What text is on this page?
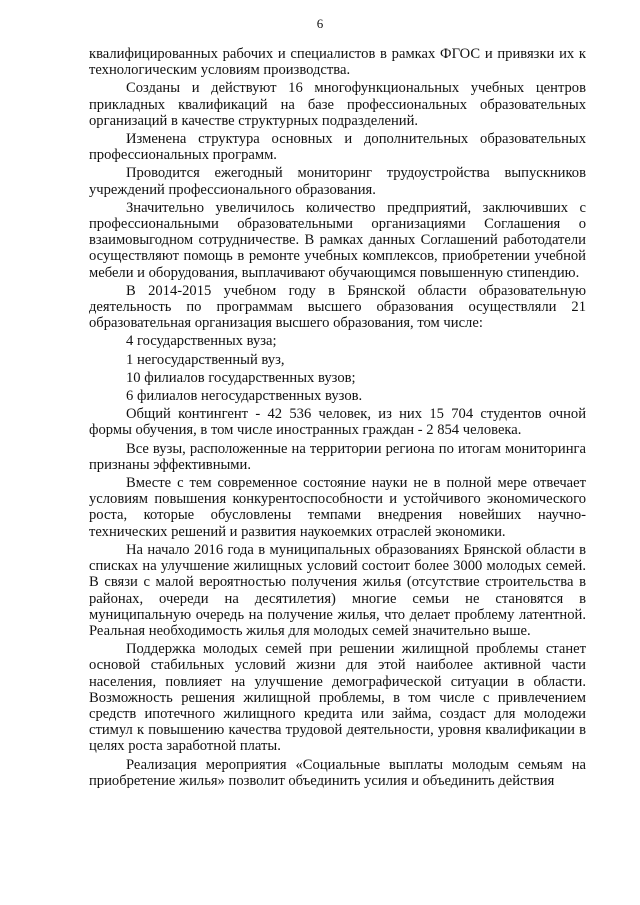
6

квалифицированных рабочих и специалистов в рамках ФГОС и привязки их к технологическим условиям производства.

Созданы и действуют 16 многофункциональных учебных центров прикладных квалификаций на базе профессиональных образовательных организаций в качестве структурных подразделений.

Изменена структура основных и дополнительных образовательных профессиональных программ.

Проводится ежегодный мониторинг трудоустройства выпускников учреждений профессионального образования.

Значительно увеличилось количество предприятий, заключивших с профессиональными образовательными организациями Соглашения о взаимовыгодном сотрудничестве. В рамках данных Соглашений работодатели осуществляют помощь в ремонте учебных комплексов, приобретении учебной мебели и оборудования, выплачивают обучающимся повышенную стипендию.

В 2014-2015 учебном году в Брянской области образовательную деятельность по программам высшего образования осуществляли 21 образовательная организация высшего образования, том числе:

4 государственных вуза;
1 негосударственный вуз,
10 филиалов государственных вузов;
6 филиалов негосударственных вузов.

Общий контингент - 42 536 человек, из них 15 704 студентов очной формы обучения, в том числе иностранных граждан - 2 854 человека.

Все вузы, расположенные на территории региона по итогам мониторинга признаны эффективными.

Вместе с тем современное состояние науки не в полной мере отвечает условиям повышения конкурентоспособности и устойчивого экономического роста, которые обусловлены темпами внедрения новейших научно-технических решений и развития наукоемких отраслей экономики.

На начало 2016 года в муниципальных образованиях Брянской области в списках на улучшение жилищных условий состоит более 3000 молодых семей. В связи с малой вероятностью получения жилья (отсутствие строительства в районах, очереди на десятилетия) многие семьи не становятся в муниципальную очередь на получение жилья, что делает проблему латентной. Реальная необходимость жилья для молодых семей значительно выше.

Поддержка молодых семей при решении жилищной проблемы станет основой стабильных условий жизни для этой наиболее активной части населения, повлияет на улучшение демографической ситуации в области. Возможность решения жилищной проблемы, в том числе с привлечением средств ипотечного жилищного кредита или займа, создаст для молодежи стимул к повышению качества трудовой деятельности, уровня квалификации в целях роста заработной платы.

Реализация мероприятия «Социальные выплаты молодым семьям на приобретение жилья» позволит объединить усилия и объединить действия
